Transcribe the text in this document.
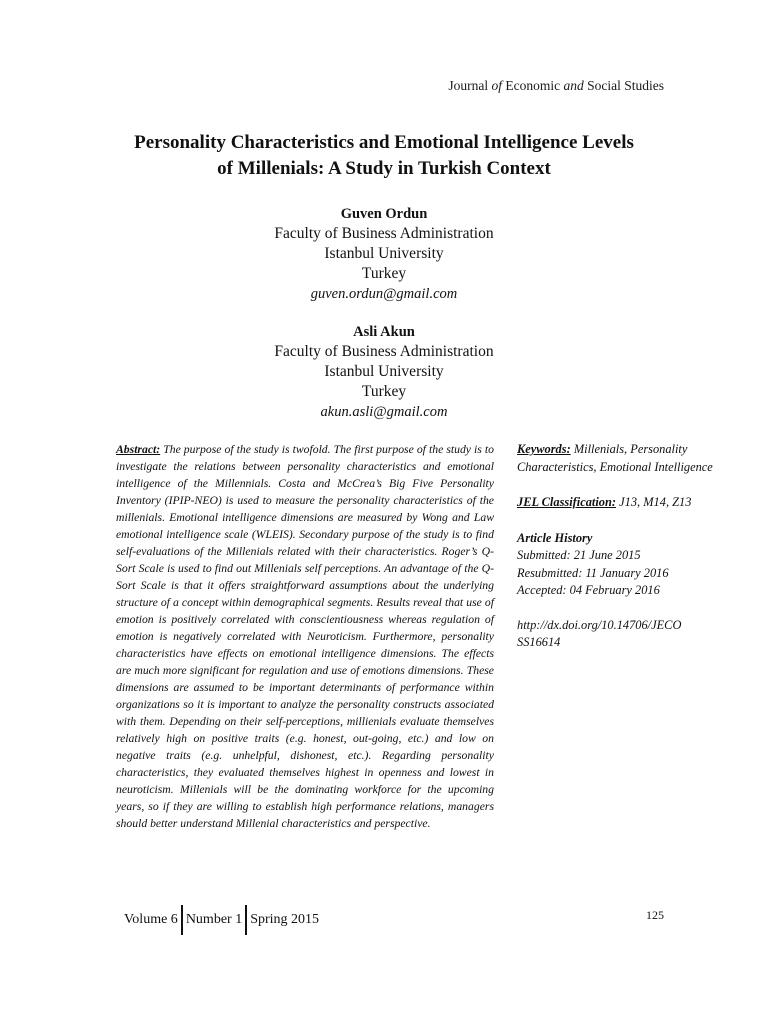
Journal of Economic and Social Studies
Personality Characteristics and Emotional Intelligence Levels
of Millenials: A Study in Turkish Context
Guven Ordun
Faculty of Business Administration
Istanbul University
Turkey
guven.ordun@gmail.com
Asli Akun
Faculty of Business Administration
Istanbul University
Turkey
akun.asli@gmail.com
Abstract: The purpose of the study is twofold. The first purpose of the study is to investigate the relations between personality characteristics and emotional intelligence of the Millennials. Costa and McCrea’s Big Five Personality Inventory (IPIP-NEO) is used to measure the personality characteristics of the millenials. Emotional intelligence dimensions are measured by Wong and Law emotional intelligence scale (WLEIS). Secondary purpose of the study is to find self-evaluations of the Millenials related with their characteristics. Roger’s Q-Sort Scale is used to find out Millenials self perceptions. An advantage of the Q-Sort Scale is that it offers straightforward assumptions about the underlying structure of a concept within demographical segments. Results reveal that use of emotion is positively correlated with conscientiousness whereas regulation of emotion is negatively correlated with Neuroticism. Furthermore, personality characteristics have effects on emotional intelligence dimensions. The effects are much more significant for regulation and use of emotions dimensions. These dimensions are assumed to be important determinants of performance within organizations so it is important to analyze the personality constructs associated with them. Depending on their self-perceptions, millienials evaluate themselves relatively high on positive traits (e.g. honest, out-going, etc.) and low on negative traits (e.g. unhelpful, dishonest, etc.). Regarding personality characteristics, they evaluated themselves highest in openness and lowest in neuroticism. Millenials will be the dominating workforce for the upcoming years, so if they are willing to establish high performance relations, managers should better understand Millenial characteristics and perspective.
Keywords: Millenials, Personality Characteristics, Emotional Intelligence
JEL Classification: J13, M14, Z13
Article History
Submitted: 21 June 2015
Resubmitted: 11 January 2016
Accepted: 04 February 2016
http://dx.doi.org/10.14706/JECO
SS16614
Volume 6 Number 1 Spring 2015	125
